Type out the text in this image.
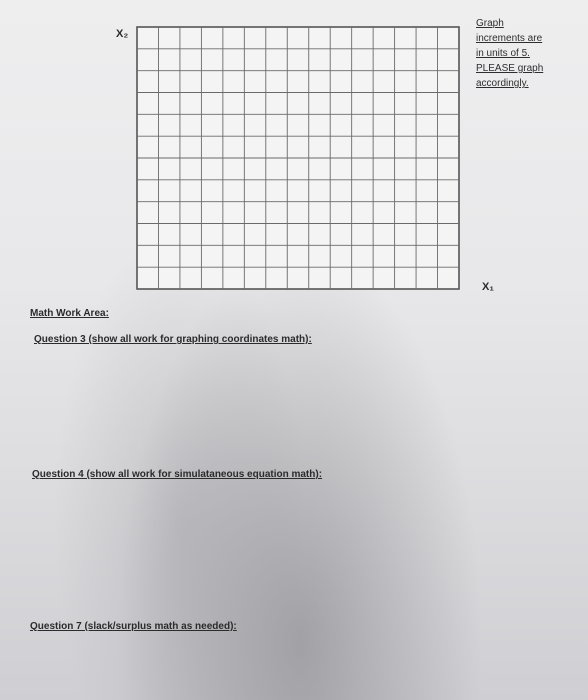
X₂
X₁
Graph
increments are
in units of 5.
PLEASE graph
accordingly.
Math Work Area:
Question 3 (show all work for graphing coordinates math):
Question 4 (show all work for simulataneous equation math):
Question 7 (slack/surplus math as needed):
